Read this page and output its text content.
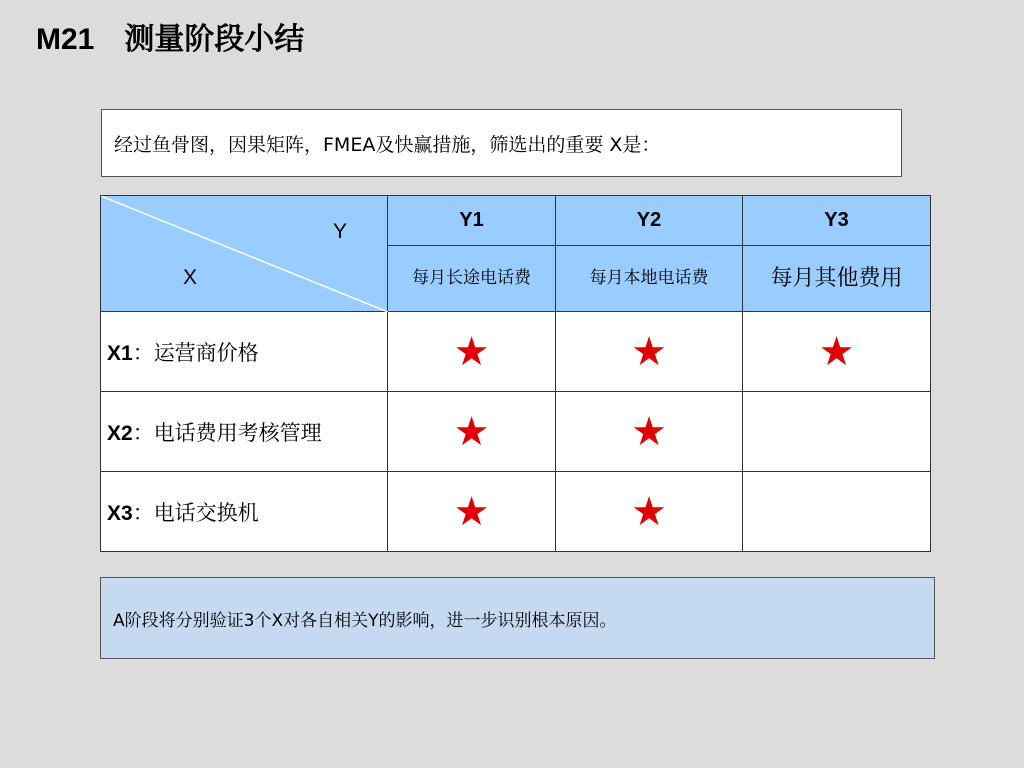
M21 测量阶段小结
经过鱼骨图，因果矩阵，FMEA及快赢措施，筛选出的重要 X是：
Y
X	Y1	Y2	Y3
	每月长途电话费	每月本地电话费	每月其他费用
X1：运营商价格	★	★	★
X2：电话费用考核管理	★	★	
X3：电话交换机	★	★	
A阶段将分别验证3个X对各自相关Y的影响，进一步识别根本原因。
